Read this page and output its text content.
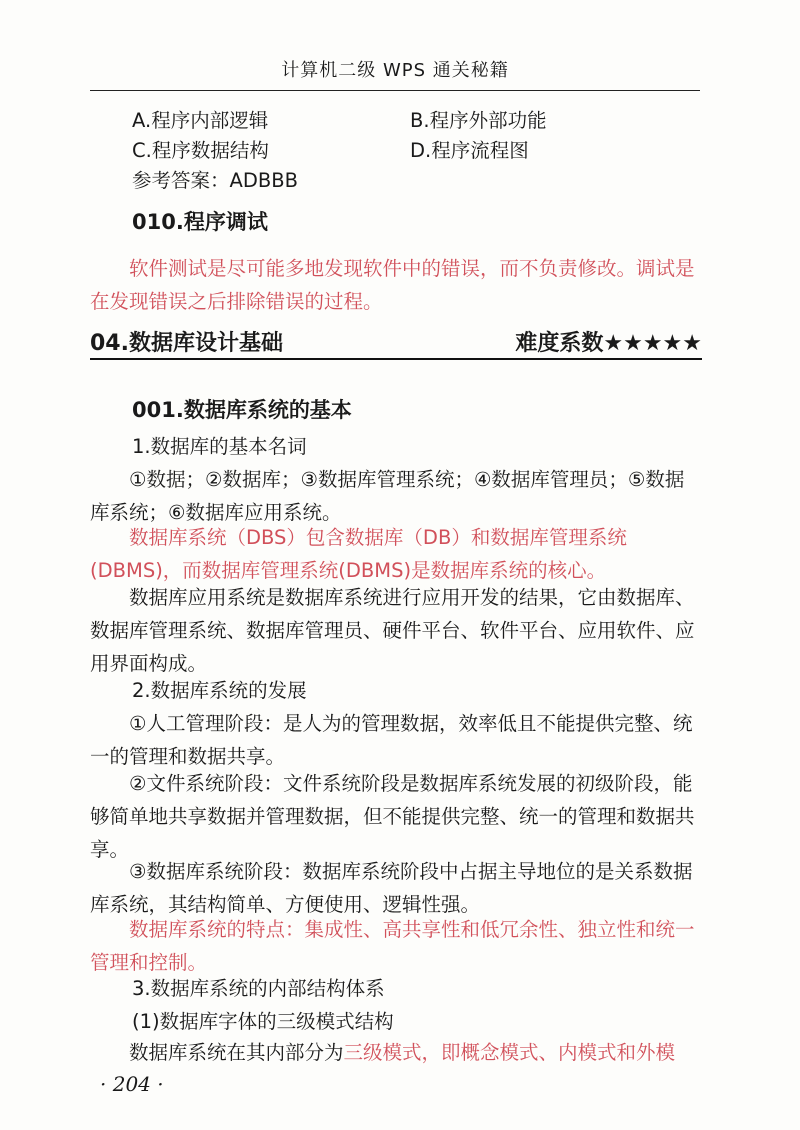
计算机二级 WPS 通关秘籍
A.程序内部逻辑	B.程序外部功能
C.程序数据结构	D.程序流程图
参考答案：ADBBB
010.程序调试

软件测试是尽可能多地发现软件中的错误，而不负责修改。调试是在发现错误之后排除错误的过程。

04.数据库设计基础	难度系数★★★★★
001.数据库系统的基本

1.数据库的基本名词

①数据；②数据库；③数据库管理系统；④数据库管理员；⑤数据库系统；⑥数据库应用系统。

数据库系统（DBS）包含数据库（DB）和数据库管理系统(DBMS)，而数据库管理系统(DBMS)是数据库系统的核心。

数据库应用系统是数据库系统进行应用开发的结果，它由数据库、数据库管理系统、数据库管理员、硬件平台、软件平台、应用软件、应用界面构成。

2.数据库系统的发展

①人工管理阶段：是人为的管理数据，效率低且不能提供完整、统一的管理和数据共享。

②文件系统阶段：文件系统阶段是数据库系统发展的初级阶段，能够简单地共享数据并管理数据，但不能提供完整、统一的管理和数据共享。

③数据库系统阶段：数据库系统阶段中占据主导地位的是关系数据库系统，其结构简单、方便使用、逻辑性强。

数据库系统的特点：集成性、高共享性和低冗余性、独立性和统一管理和控制。

3.数据库系统的内部结构体系

(1)数据库字体的三级模式结构

数据库系统在其内部分为三级模式，即概念模式、内模式和外模

· 204 ·
